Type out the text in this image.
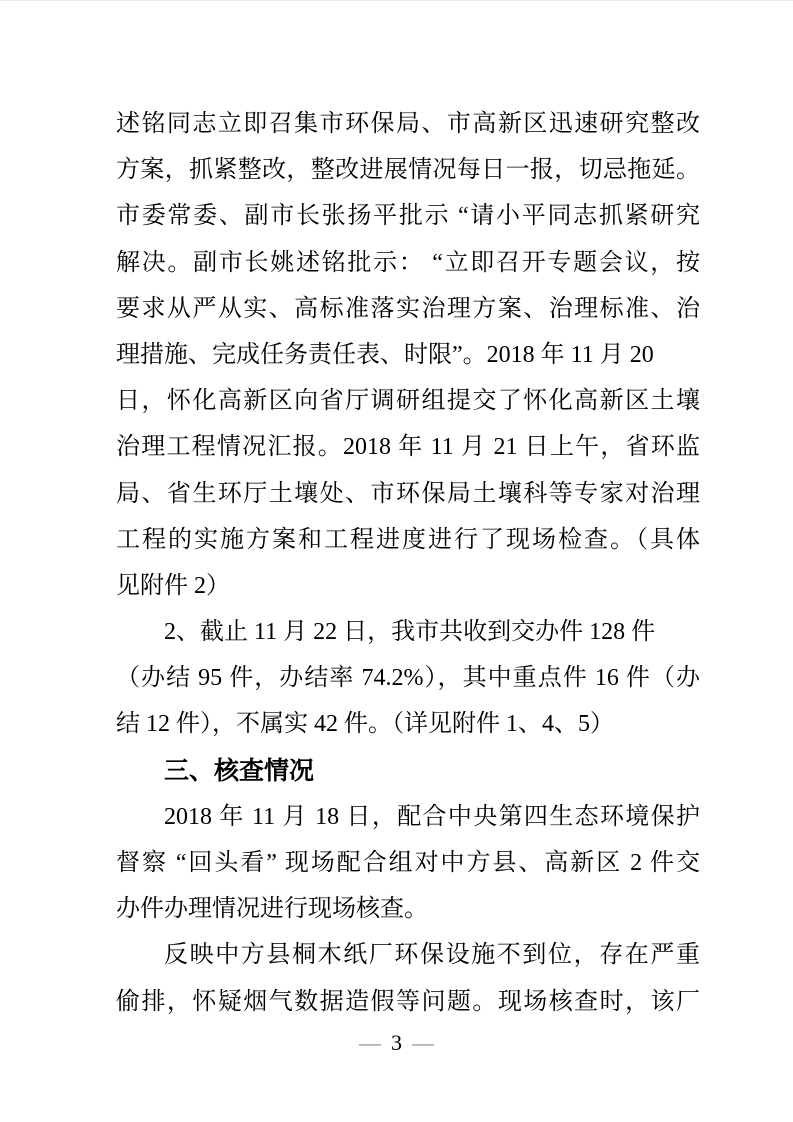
述铭同志立即召集市环保局、市高新区迅速研究整改
方案，抓紧整改，整改进展情况每日一报，切忌拖延。
市委常委、副市长张扬平批示 “请小平同志抓紧研究
解决。副市长姚述铭批示： “立即召开专题会议，按
要求从严从实、高标准落实治理方案、治理标准、治
理措施、完成任务责任表、时限”。2018 年 11 月 20
日，怀化高新区向省厅调研组提交了怀化高新区土壤
治理工程情况汇报。2018 年 11 月 21 日上午，省环监
局、省生环厅土壤处、市环保局土壤科等专家对治理
工程的实施方案和工程进度进行了现场检查。（具体
见附件 2）
2、截止 11 月 22 日，我市共收到交办件 128 件
（办结 95 件，办结率 74.2%），其中重点件 16 件（办
结 12 件），不属实 42 件。（详见附件 1、4、5）
三、核查情况
2018 年 11 月 18 日，配合中央第四生态环境保护
督察 “回头看” 现场配合组对中方县、高新区 2 件交
办件办理情况进行现场核查。
反映中方县桐木纸厂环保设施不到位，存在严重
偷排，怀疑烟气数据造假等问题。现场核查时，该厂
— 3 —
